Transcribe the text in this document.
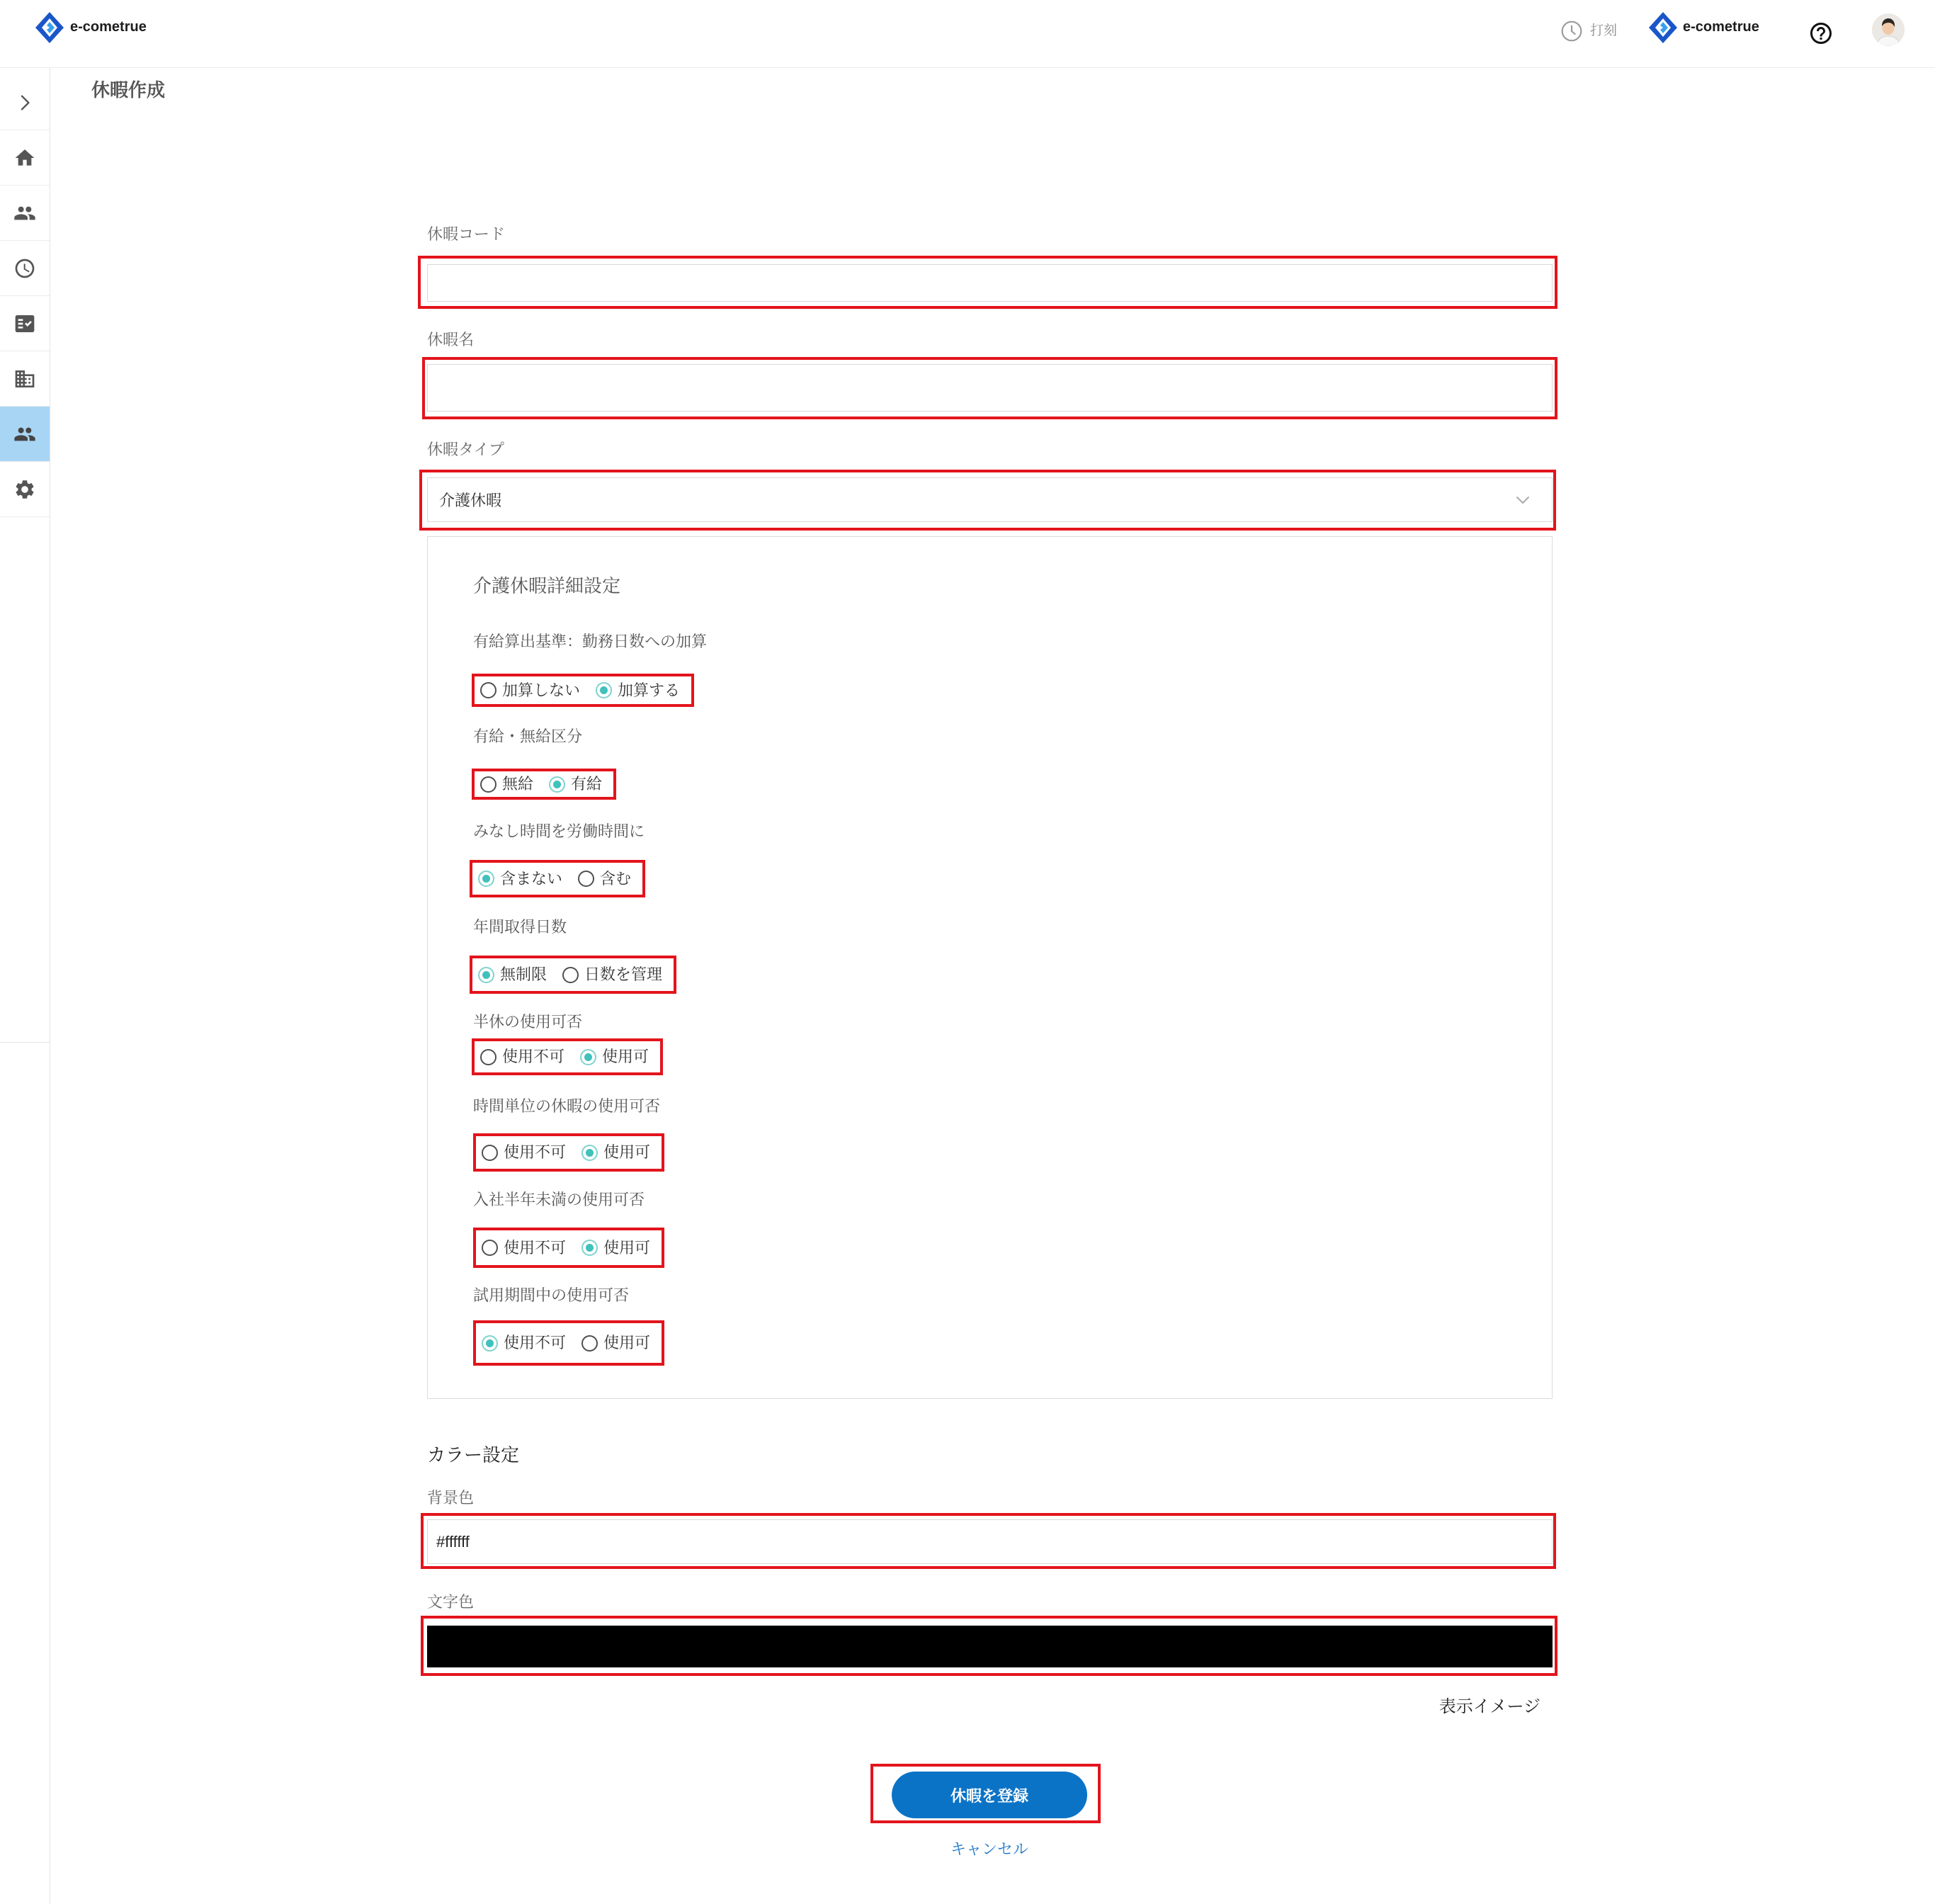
e-cometrue	打刻	e-cometrue
休暇作成
休暇コード
休暇名
休暇タイプ
介護休暇
介護休暇詳細設定
有給算出基準：勤務日数への加算
加算しない 加算する
有給・無給区分
無給 有給
みなし時間を労働時間に
含まない 含む
年間取得日数
無制限 日数を管理
半休の使用可否
使用不可 使用可
時間単位の休暇の使用可否
使用不可 使用可
入社半年未満の使用可否
使用不可 使用可
試用期間中の使用可否
使用不可 使用可
カラー設定
背景色
#ffffff
文字色
表示イメージ
休暇を登録
キャンセル
